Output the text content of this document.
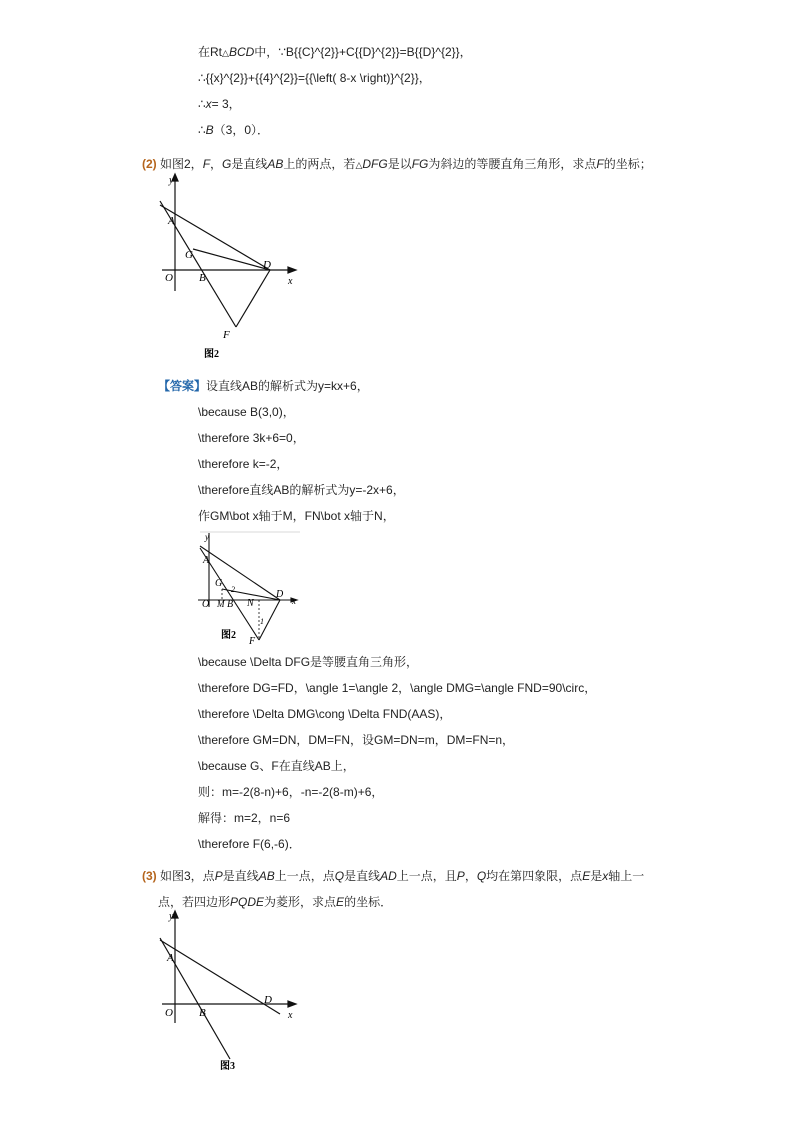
在Rt△BCD中，∵B{{C}^{2}}+C{{D}^{2}}=B{{D}^{2}}，
∴{{x}^{2}}+{{4}^{2}}={{\left( 8-x \right)}^{2}}，
∴x= 3，
∴B（3，0）．
(2) 如图2，F，G是直线AB上的两点，若△DFG是以FG为斜边的等腰直角三角形，求点F的坐标；
y
x
A
G
O B
D
F
图2
【答案】设直线AB的解析式为y=kx+6，
\because B(3,0)，
\therefore 3k+6=0，
\therefore k=-2，
\therefore直线AB的解析式为y=-2x+6，
作GM\bot x轴于M，FN\bot x轴于N，
y
x
A
G
2
O M B N
D
1
F
图2
\because \Delta DFG是等腰直角三角形，
\therefore DG=FD，\angle 1=\angle 2，\angle DMG=\angle FND=90\circ，
\therefore \Delta DMG\cong \Delta FND(AAS)，
\therefore GM=DN，DM=FN，设GM=DN=m，DM=FN=n，
\because G、F在直线AB上，
则：m=-2(8-n)+6，-n=-2(8-m)+6，
解得：m=2，n=6
\therefore F(6,-6)．
(3) 如图3，点P是直线AB上一点，点Q是直线AD上一点，且P，Q均在第四象限，点E是x轴上一
点，若四边形PQDE为菱形，求点E的坐标．
y
x
A
O B
D
图3
